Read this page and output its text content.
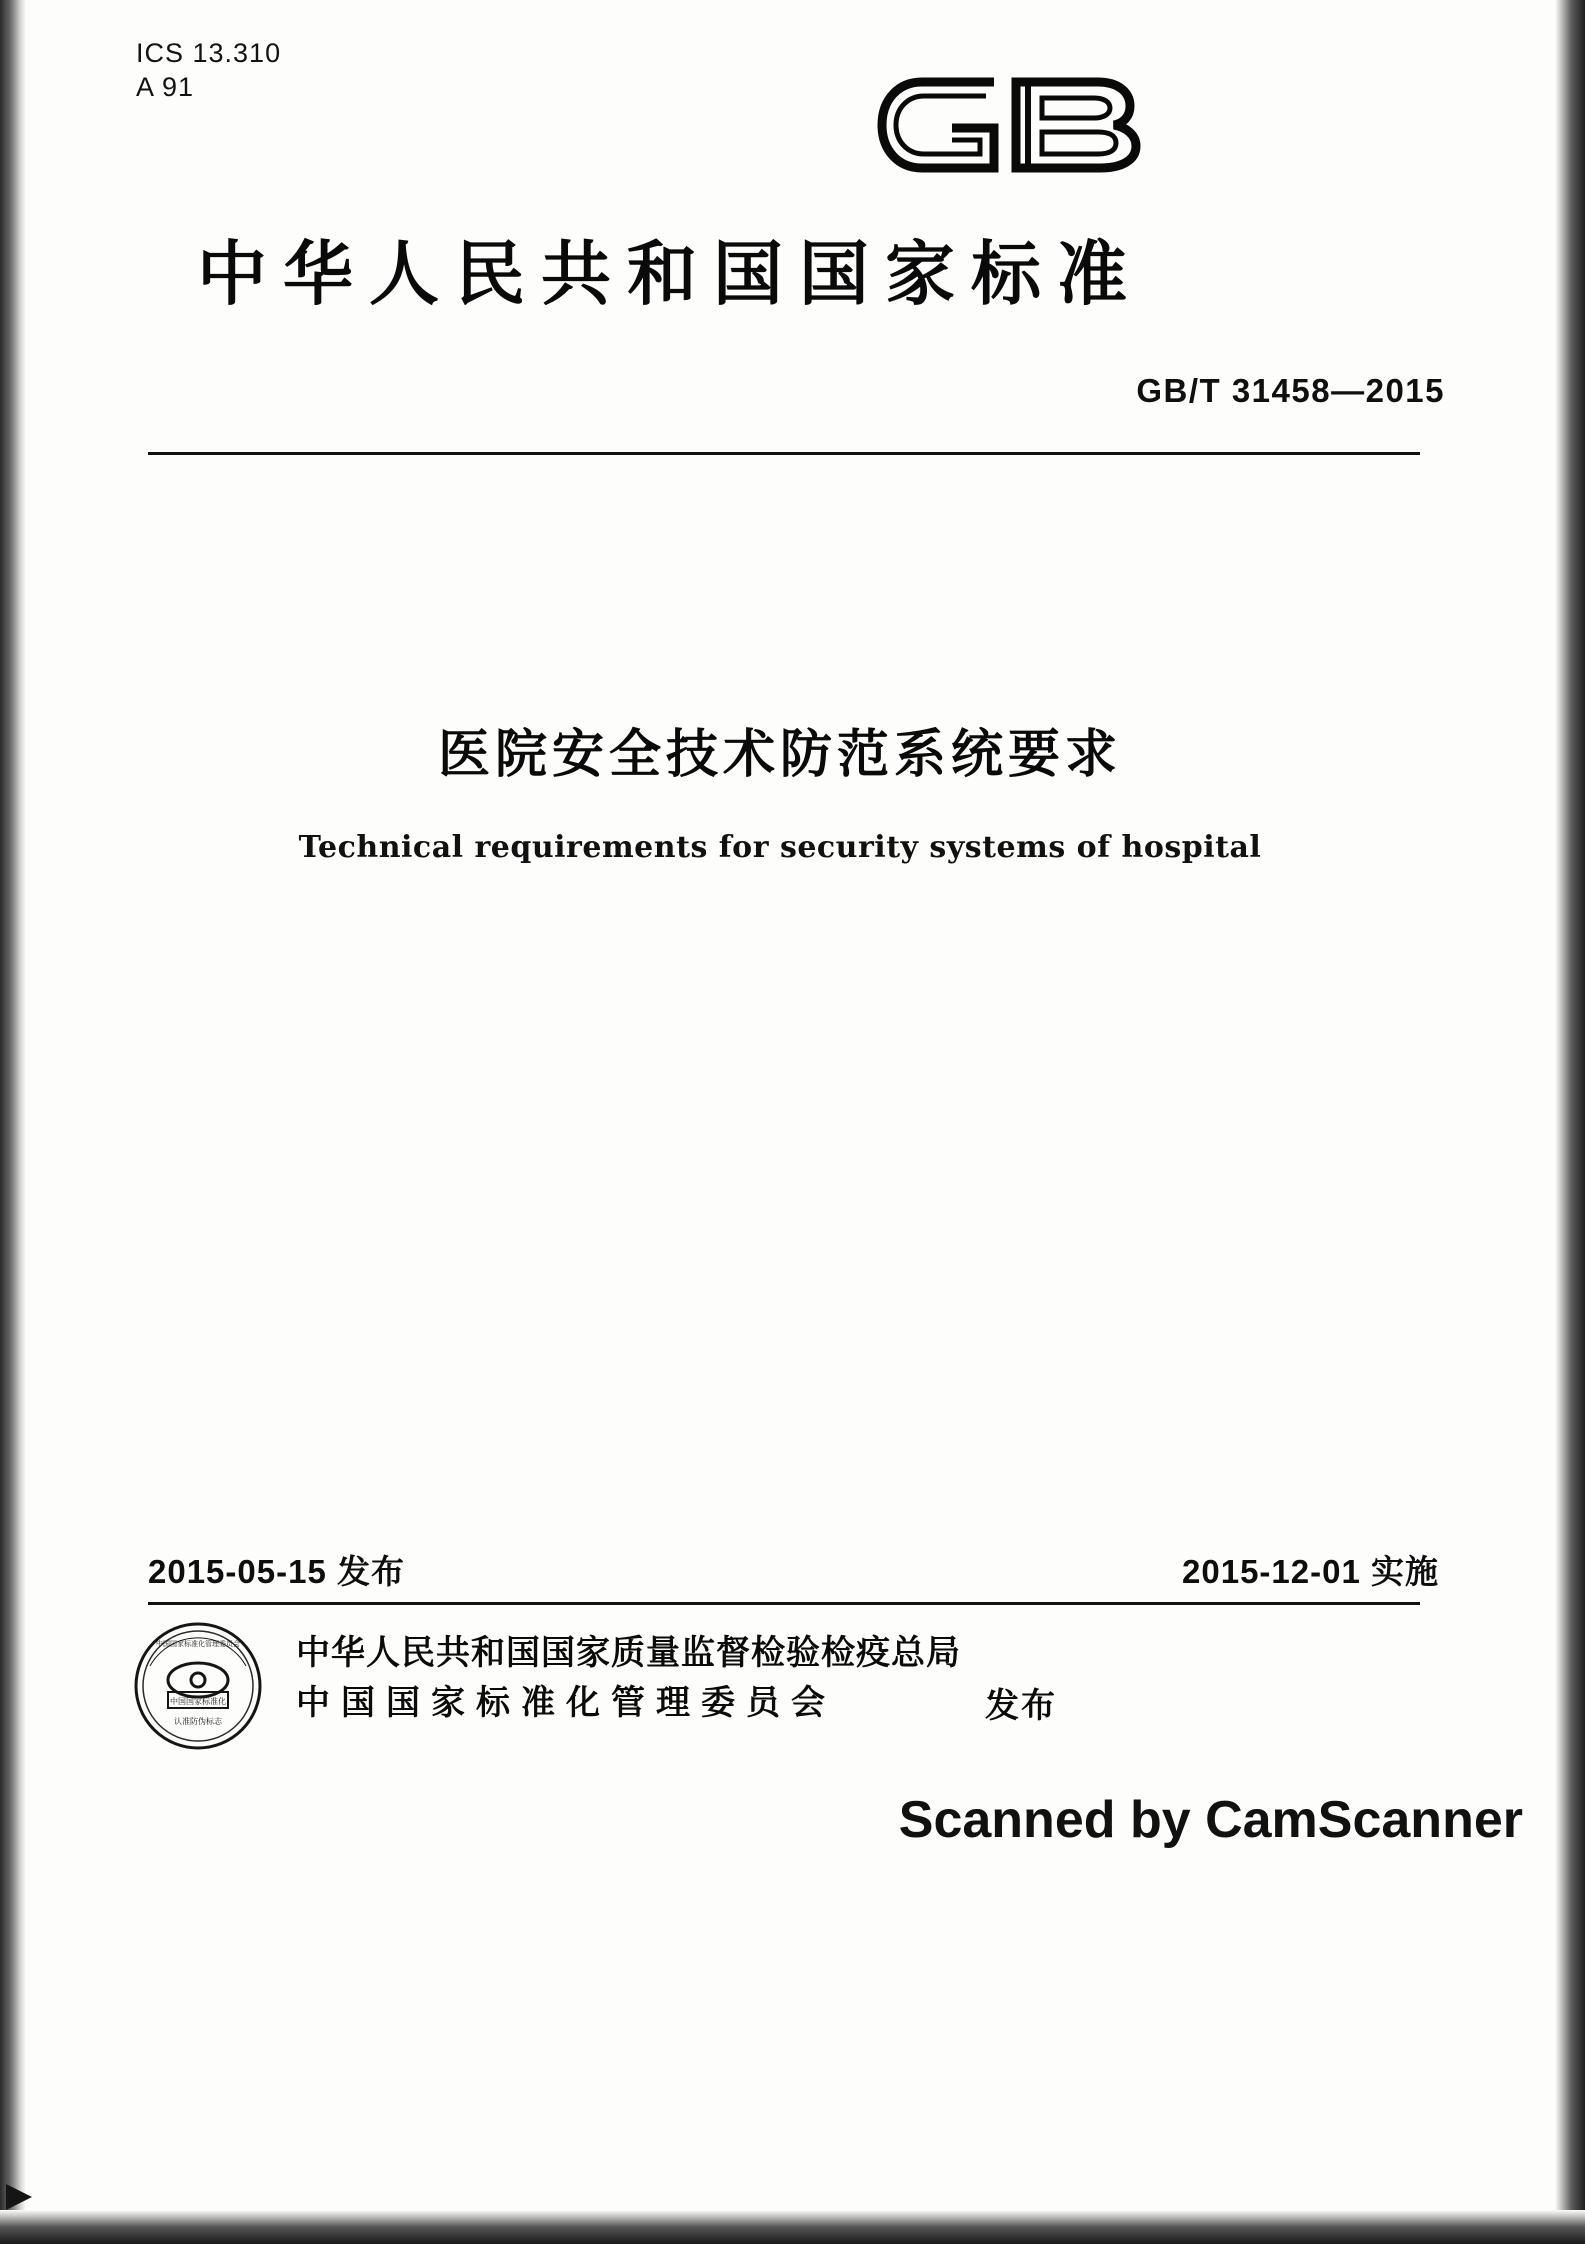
ICS 13.310
A 91
中华人民共和国国家标准
GB/T 31458—2015
医院安全技术防范系统要求
Technical requirements for security systems of hospital
2015-05-15 发布	2015-12-01 实施
中国国家标准化
认准防伪标志
中国国家标准化管理委员会 中华人民共和国国家质量监督检验检疫总局
中国国家标准化管理委员会	发布
Scanned by CamScanner
